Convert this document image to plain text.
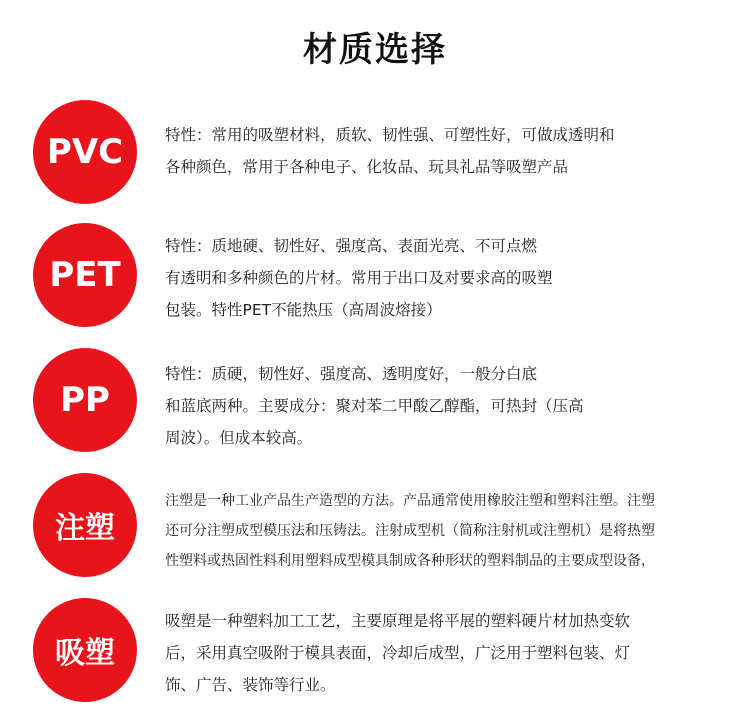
材质选择
PVC	特性：常用的吸塑材料，质软、韧性强、可塑性好，可做成透明和
各种颜色，常用于各种电子、化妆品、玩具礼品等吸塑产品
PET
特性：质地硬、韧性好、强度高、表面光亮、不可点燃
有透明和多种颜色的片材。常用于出口及对要求高的吸塑
包装。特性PET不能热压（高周波熔接）
PP
特性：质硬，韧性好、强度高、透明度好，一般分白底
和蓝底两种。主要成分：聚对苯二甲酸乙醇酯，可热封（压高
周波）。但成本较高。
注塑
注塑是一种工业产品生产造型的方法。产品通常使用橡胶注塑和塑料注塑。注塑
还可分注塑成型模压法和压铸法。注射成型机（简称注射机或注塑机）是将热塑
性塑料或热固性料利用塑料成型模具制成各种形状的塑料制品的主要成型设备，
吸塑
吸塑是一种塑料加工工艺，主要原理是将平展的塑料硬片材加热变软
后，采用真空吸附于模具表面，冷却后成型，广泛用于塑料包装、灯
饰、广告、装饰等行业。
